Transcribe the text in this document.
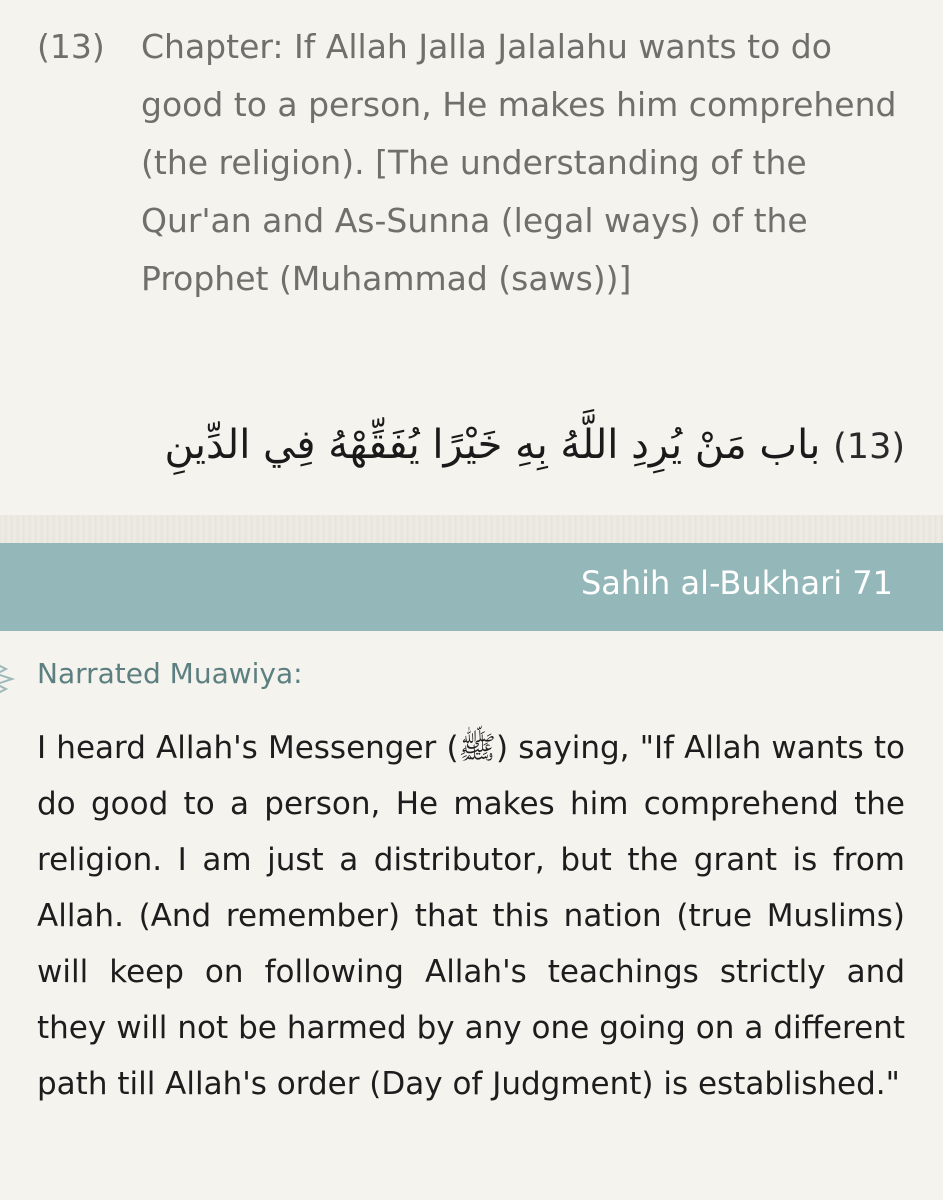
(13) Chapter: If Allah Jalla Jalalahu wants to do good to a person, He makes him comprehend (the religion). [The understanding of the Qur'an and As-Sunna (legal ways) of the Prophet (Muhammad (saws))]
(13) باب مَنْ يُرِدِ اللَّهُ بِهِ خَيْرًا يُفَقِّهْهُ فِي الدِّينِ
Sahih al-Bukhari 71
Narrated Muawiya:
I heard Allah's Messenger (ﷺ) saying, "If Allah wants to do good to a person, He makes him comprehend the religion. I am just a distributor, but the grant is from Allah. (And remember) that this nation (true Muslims) will keep on following Allah's teachings strictly and they will not be harmed by any one going on a different path till Allah's order (Day of Judgment) is established."
